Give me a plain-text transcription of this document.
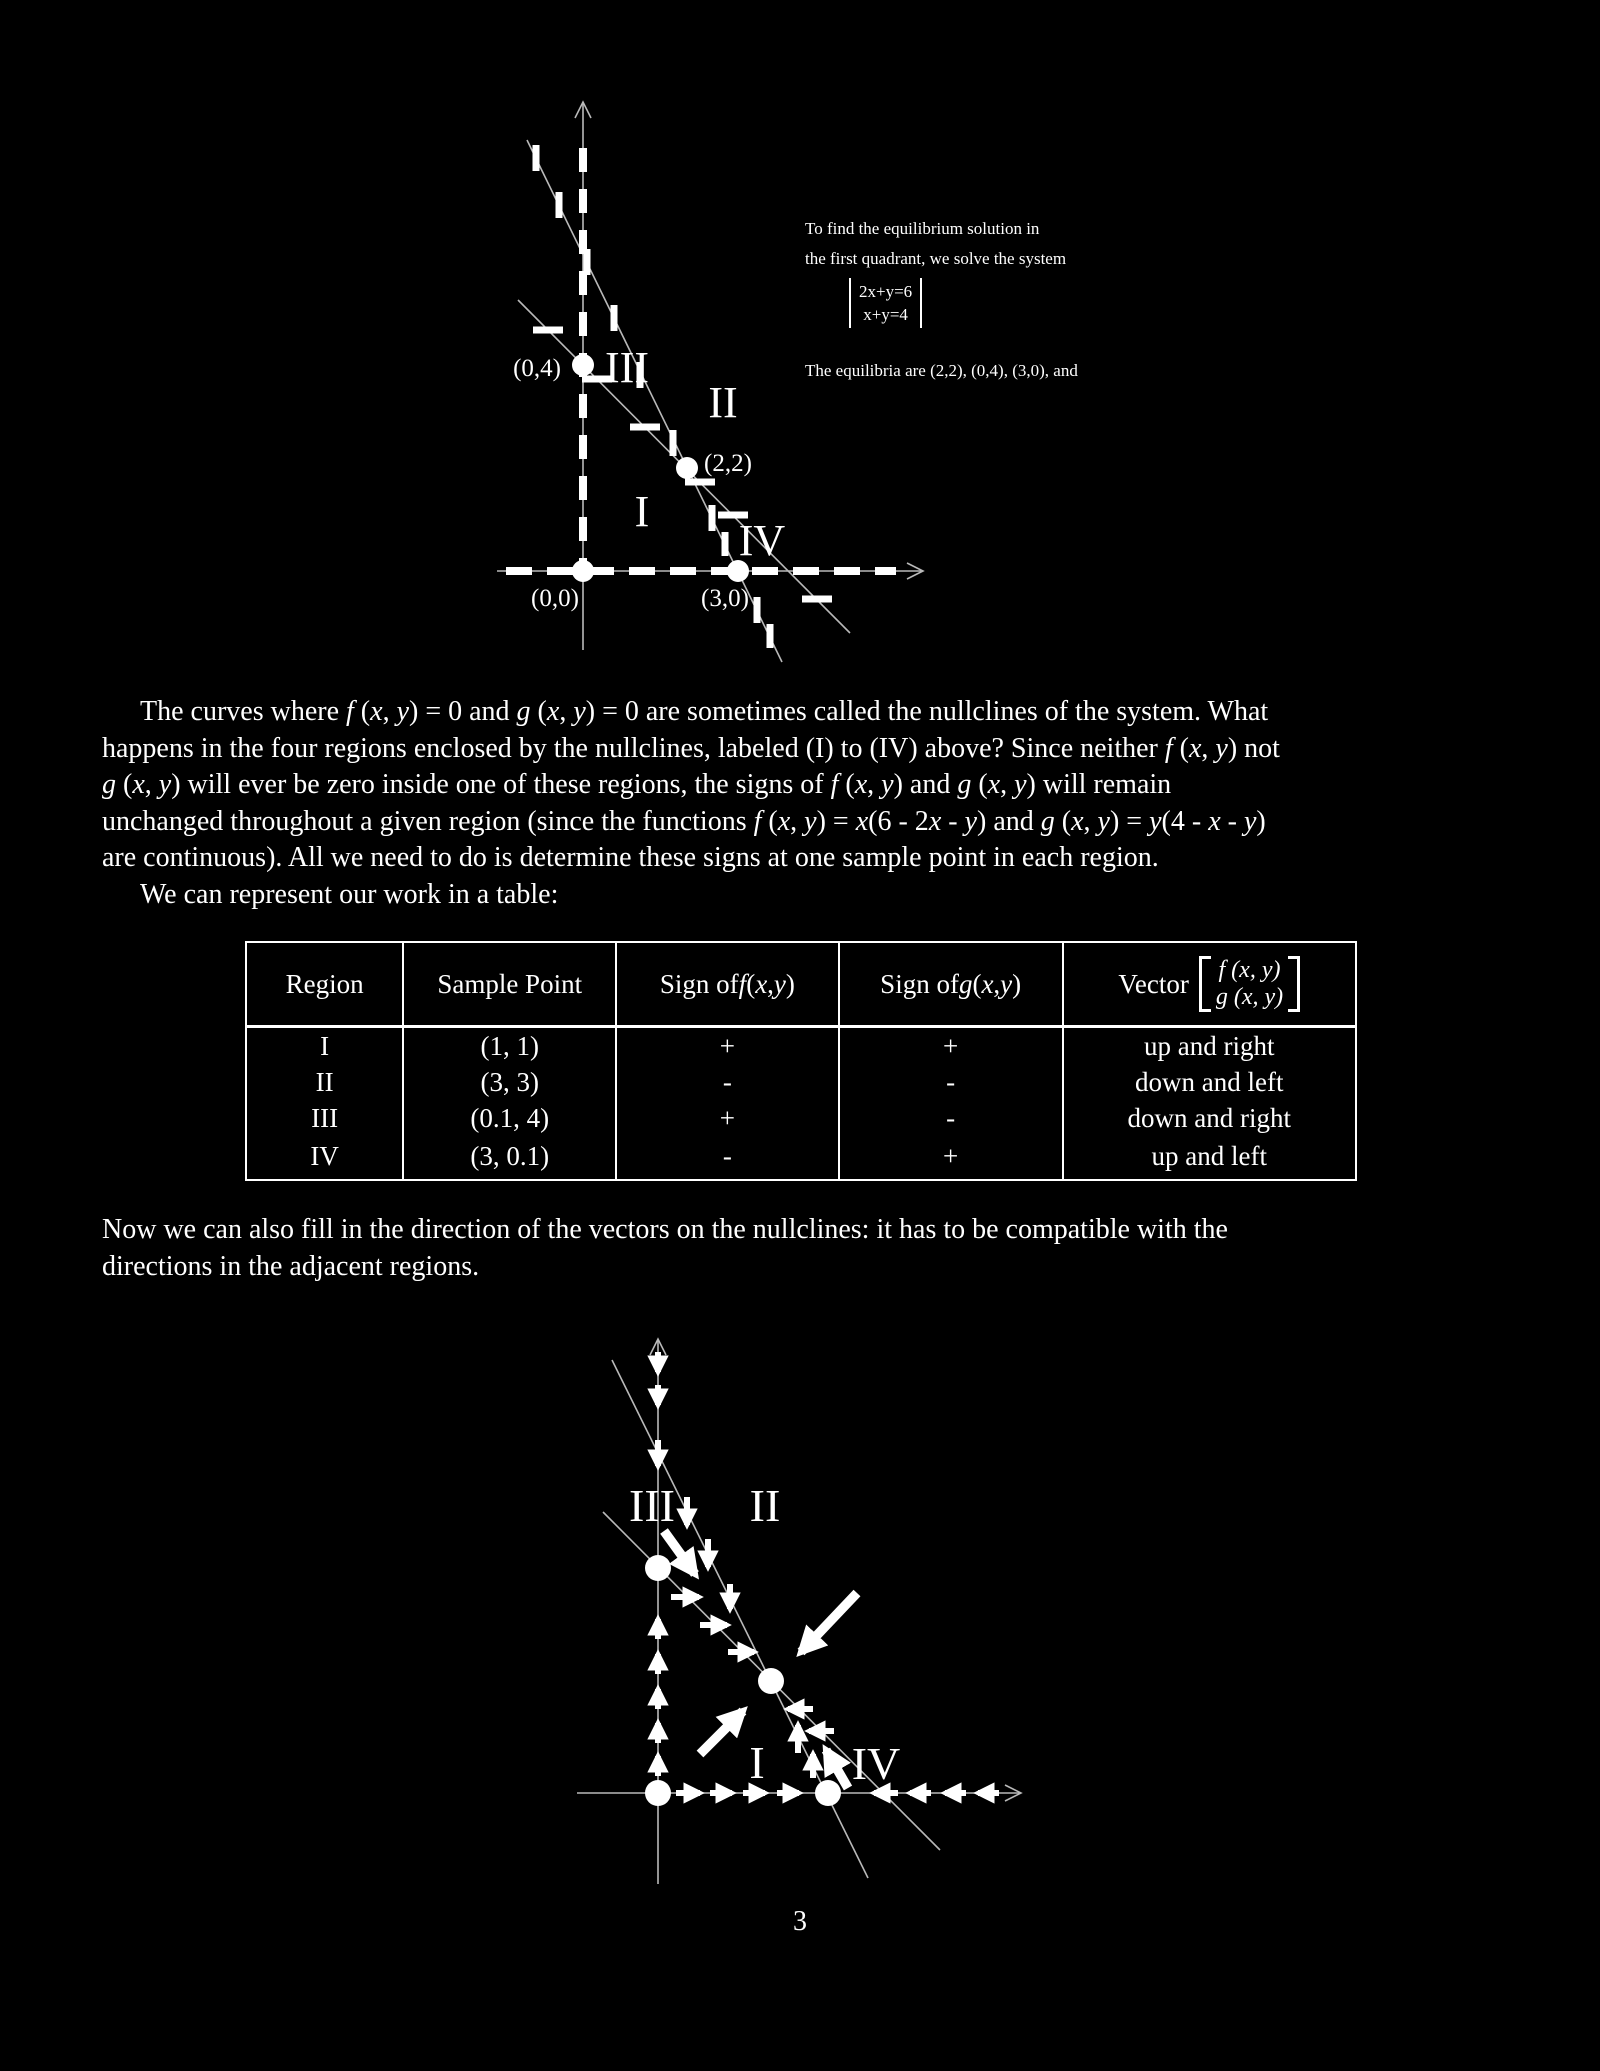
III
II
I
IV
(0,4)
(2,2)
(0,0)	(3,0)
III II
I IV
To find the equilibrium solution in
the first quadrant, we solve the system
2x+y=6
x+y=4
The equilibria are (2,2), (0,4), (3,0), and
The curves where f (x, y) = 0 and g (x, y) = 0 are sometimes called the nullclines of the system. What
happens in the four regions enclosed by the nullclines, labeled (I) to (IV) above? Since neither f (x, y) not
g (x, y) will ever be zero inside one of these regions, the signs of f (x, y) and g (x, y) will remain
unchanged throughout a given region (since the functions f (x, y) = x(6 - 2x - y) and g (x, y) = y(4 - x - y)
are continuous). All we need to do is determine these signs at one sample point in each region.
We can represent our work in a table:
Region	Sample Point	Sign of f ( x , y )	Sign of g ( x , y )	Vector f (x, y)
g (x, y)
I	(1, 1)	+	+	up and right
II	(3, 3)	-	-	down and left
III	(0.1, 4)	+	-	down and right
IV	(3, 0.1)	-	+	up and left
Now we can also fill in the direction of the vectors on the nullclines: it has to be compatible with the
directions in the adjacent regions.
3
